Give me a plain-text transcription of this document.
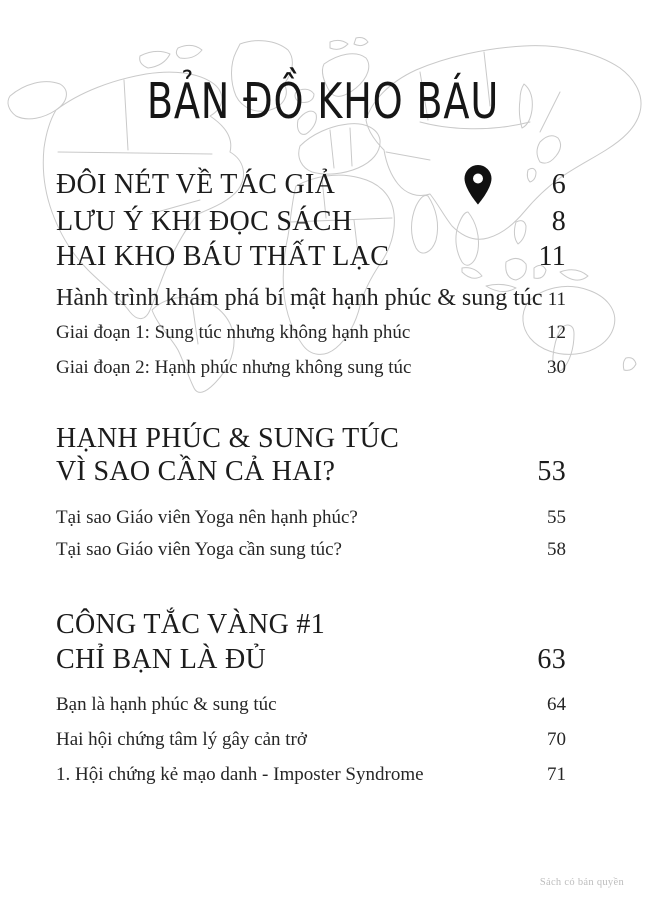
BẢN ĐỒ KHO BÁU
ĐÔI NÉT VỀ TÁC GIẢ	6
LƯU Ý KHI ĐỌC SÁCH	8
HAI KHO BÁU THẤT LẠC	11
Hành trình khám phá bí mật hạnh phúc & sung túc 11
Giai đoạn 1: Sung túc nhưng không hạnh phúc	12
Giai đoạn 2: Hạnh phúc nhưng không sung túc	30
HẠNH PHÚC & SUNG TÚC
VÌ SAO CẦN CẢ HAI?	53
Tại sao Giáo viên Yoga nên hạnh phúc?	55
Tại sao Giáo viên Yoga cần sung túc?	58
CÔNG TẮC VÀNG #1
CHỈ BẠN LÀ ĐỦ	63
Bạn là hạnh phúc & sung túc	64
Hai hội chứng tâm lý gây cản trở	70
1. Hội chứng kẻ mạo danh - Imposter Syndrome	71
Sách có bản quyền
